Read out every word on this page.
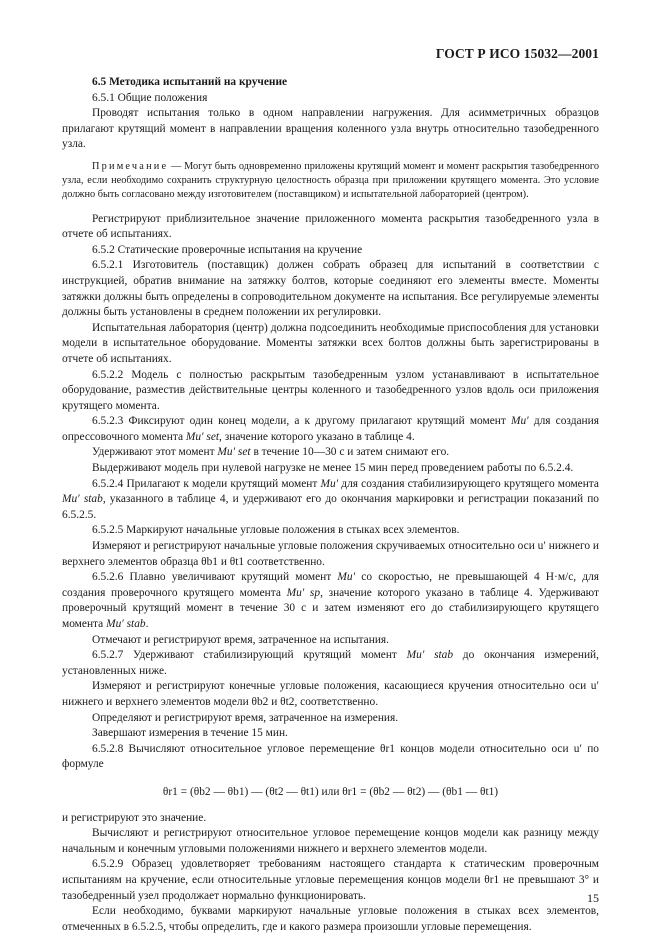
ГОСТ Р ИСО 15032—2001

6.5 Методика испытаний на кручение

6.5.1 Общие положения

Проводят испытания только в одном направлении нагружения. Для асимметричных образцов прилагают крутящий момент в направлении вращения коленного узла внутрь относительно тазобедренного узла.

Примечание — Могут быть одновременно приложены крутящий момент и момент раскрытия тазобедренного узла, если необходимо сохранить структурную целостность образца при приложении крутящего момента. Это условие должно быть согласовано между изготовителем (поставщиком) и испытательной лабораторией (центром).

Регистрируют приблизительное значение приложенного момента раскрытия тазобедренного узла в отчете об испытаниях.

6.5.2 Статические проверочные испытания на кручение

6.5.2.1 Изготовитель (поставщик) должен собрать образец для испытаний в соответствии с инструкцией, обратив внимание на затяжку болтов, которые соединяют его элементы вместе. Моменты затяжки должны быть определены в сопроводительном документе на испытания. Все регулируемые элементы должны быть установлены в среднем положении их регулировки.

Испытательная лаборатория (центр) должна подсоединить необходимые приспособления для установки модели в испытательное оборудование. Моменты затяжки всех болтов должны быть зарегистрированы в отчете об испытаниях.

6.5.2.2 Модель с полностью раскрытым тазобедренным узлом устанавливают в испытательное оборудование, разместив действительные центры коленного и тазобедренного узлов вдоль оси приложения крутящего момента.

6.5.2.3 Фиксируют один конец модели, а к другому прилагают крутящий момент Mu′ для создания опрессовочного момента Mu′ set, значение которого указано в таблице 4.

Удерживают этот момент Mu′ set в течение 10—30 с и затем снимают его.

Выдерживают модель при нулевой нагрузке не менее 15 мин перед проведением работы по 6.5.2.4.

6.5.2.4 Прилагают к модели крутящий момент Mu′ для создания стабилизирующего крутящего момента Mu′ stab, указанного в таблице 4, и удерживают его до окончания маркировки и регистрации показаний по 6.5.2.5.

6.5.2.5 Маркируют начальные угловые положения в стыках всех элементов.

Измеряют и регистрируют начальные угловые положения скручиваемых относительно оси u′ нижнего и верхнего элементов образца θb1 и θt1 соответственно.

6.5.2.6 Плавно увеличивают крутящий момент Mu′ со скоростью, не превышающей 4 Н·м/с, для создания проверочного крутящего момента Mu′ sp, значение которого указано в таблице 4. Удерживают проверочный крутящий момент в течение 30 с и затем изменяют его до стабилизирующего крутящего момента Mu′ stab.

Отмечают и регистрируют время, затраченное на испытания.

6.5.2.7 Удерживают стабилизирующий крутящий момент Mu′ stab до окончания измерений, установленных ниже.

Измеряют и регистрируют конечные угловые положения, касающиеся кручения относительно оси u′ нижнего и верхнего элементов модели θb2 и θt2, соответственно.

Определяют и регистрируют время, затраченное на измерения.

Завершают измерения в течение 15 мин.

6.5.2.8 Вычисляют относительное угловое перемещение θr1 концов модели относительно оси u′ по формуле

θr1 = (θb2 — θb1) — (θt2 — θt1) или θr1 = (θb2 — θt2) — (θb1 — θt1)

и регистрируют это значение.

Вычисляют и регистрируют относительное угловое перемещение концов модели как разницу между начальным и конечным угловыми положениями нижнего и верхнего элементов модели.

6.5.2.9 Образец удовлетворяет требованиям настоящего стандарта к статическим проверочным испытаниям на кручение, если относительные угловые перемещения концов модели θr1 не превышают 3° и тазобедренный узел продолжает нормально функционировать.

Если необходимо, буквами маркируют начальные угловые положения в стыках всех элементов, отмеченных в 6.5.2.5, чтобы определить, где и какого размера произошли угловые перемещения.

15
